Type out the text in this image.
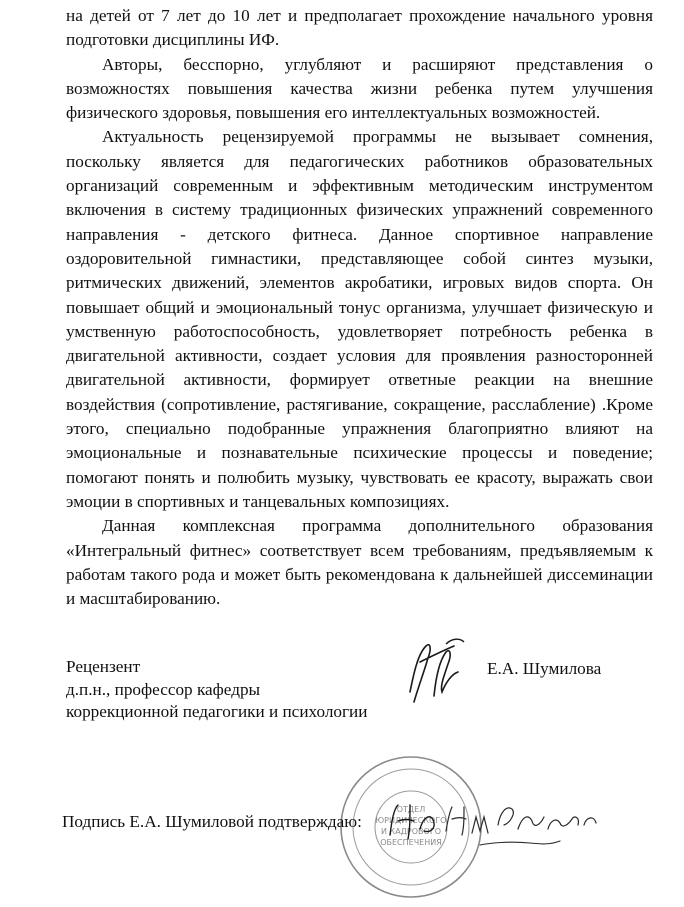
на детей от 7 лет до 10 лет и предполагает прохождение начального уровня подготовки дисциплины ИФ.

Авторы, бесспорно, углубляют и расширяют представления о возможностях повышения качества жизни ребенка путем улучшения физического здоровья, повышения его интеллектуальных возможностей.

Актуальность рецензируемой программы не вызывает сомнения, поскольку является для педагогических работников образовательных организаций современным и эффективным методическим инструментом включения в систему традиционных физических упражнений современного направления - детского фитнеса. Данное спортивное направление оздоровительной гимнастики, представляющее собой синтез музыки, ритмических движений, элементов акробатики, игровых видов спорта. Он повышает общий и эмоциональный тонус организма, улучшает физическую и умственную работоспособность, удовлетворяет потребность ребенка в двигательной активности, создает условия для проявления разносторонней двигательной активности, формирует ответные реакции на внешние воздействия (сопротивление, растягивание, сокращение, расслабление) .Кроме этого, специально подобранные упражнения благоприятно влияют на эмоциональные и познавательные психические процессы и поведение; помогают понять и полюбить музыку, чувствовать ее красоту, выражать свои эмоции в спортивных и танцевальных композициях.

Данная комплексная программа дополнительного образования «Интегральный фитнес» соответствует всем требованиям, предъявляемым к работам такого рода и может быть рекомендована к дальнейшей диссеминации и масштабированию.

Рецензент
д.п.н., профессор кафедры
коррекционной педагогики и психологии
Е.А. Шумилова
ОТДЕЛ
ЮРИДИЧЕСКОГО
И КАДРОВОГО
ОБЕСПЕЧЕНИЯ
Подпись Е.А. Шумиловой подтверждаю:
